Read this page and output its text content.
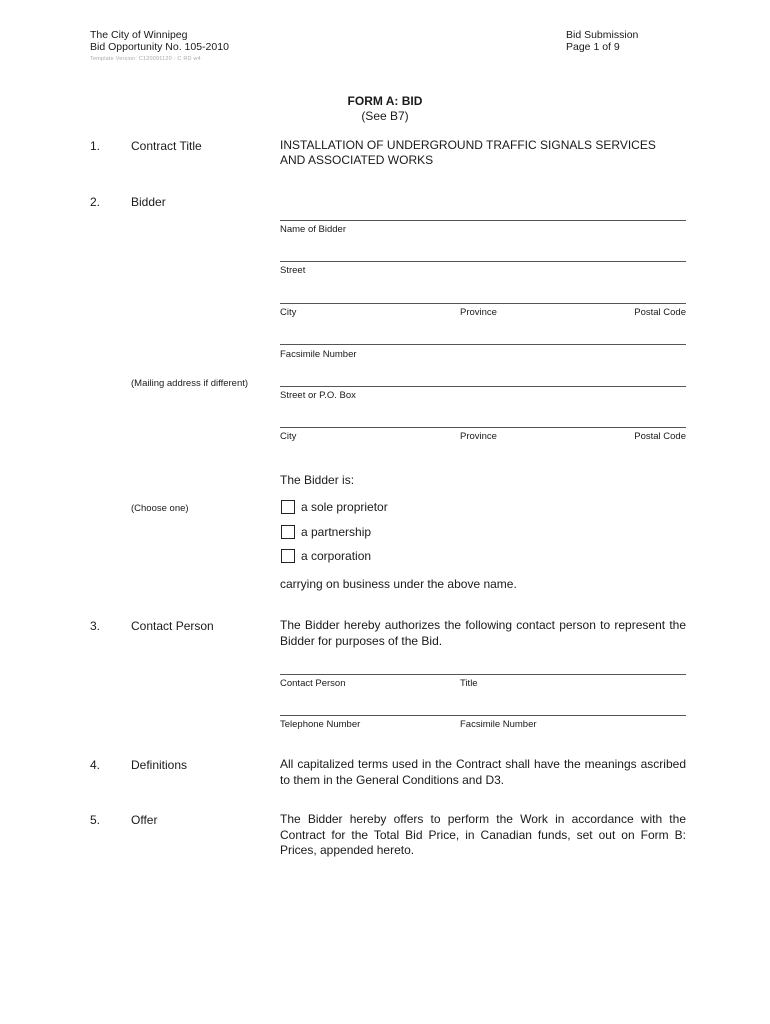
The City of Winnipeg
Bid Opportunity No. 105-2010
Template Version: C120091120 - C RD w4
Bid Submission
Page 1 of 9
FORM A: BID
(See B7)
1.	Contract Title	INSTALLATION OF UNDERGROUND TRAFFIC SIGNALS SERVICES
AND ASSOCIATED WORKS
2.	Bidder
Name of Bidder
Street
City	Province	Postal Code
Facsimile Number
(Mailing address if different)
Street or P.O. Box
City	Province	Postal Code
The Bidder is:
(Choose one)	a sole proprietor
a partnership
a corporation
carrying on business under the above name.
3.	Contact Person	The Bidder hereby authorizes the following contact person to represent the Bidder for purposes of the Bid.
Contact Person	Title
Telephone Number	Facsimile Number
4.	Definitions	All capitalized terms used in the Contract shall have the meanings ascribed to them in the General Conditions and D3.
5.	Offer	The Bidder hereby offers to perform the Work in accordance with the Contract for the Total Bid Price, in Canadian funds, set out on Form B: Prices, appended hereto.
